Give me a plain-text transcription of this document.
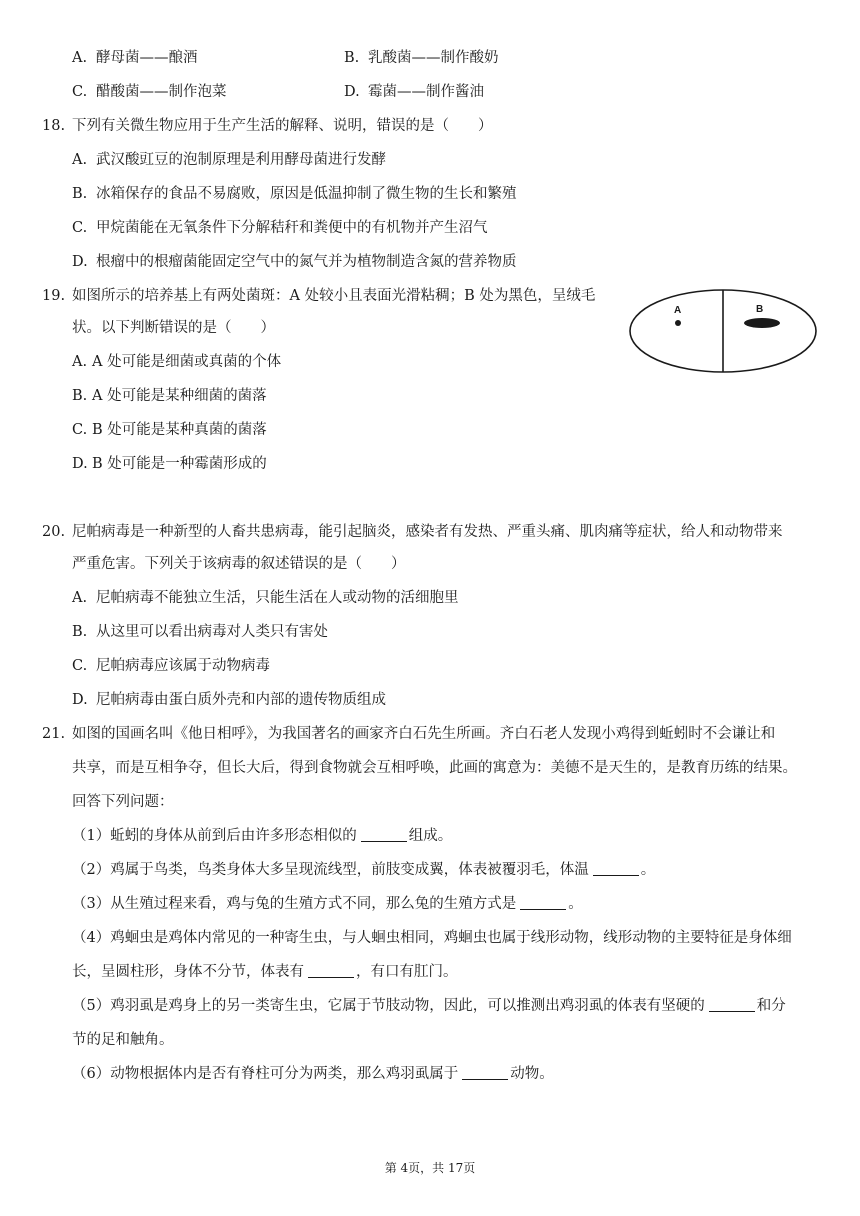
A. 酵母菌——酿酒	B. 乳酸菌——制作酸奶
C. 醋酸菌——制作泡菜	D. 霉菌——制作酱油
18. 下列有关微生物应用于生产生活的解释、说明，错误的是（　　）
A. 武汉酸豇豆的泡制原理是利用酵母菌进行发酵
B. 冰箱保存的食品不易腐败，原因是低温抑制了微生物的生长和繁殖
C. 甲烷菌能在无氧条件下分解秸秆和粪便中的有机物并产生沼气
D. 根瘤中的根瘤菌能固定空气中的氮气并为植物制造含氮的营养物质
19. 如图所示的培养基上有两处菌斑：A 处较小且表面光滑粘稠；B 处为黑色，呈绒毛
状。以下判断错误的是（　　）
A. A 处可能是细菌或真菌的个体
B. A 处可能是某种细菌的菌落
C. B 处可能是某种真菌的菌落
D. B 处可能是一种霉菌形成的
A	B
20. 尼帕病毒是一种新型的人畜共患病毒，能引起脑炎，感染者有发热、严重头痛、肌肉痛等症状，给人和动物带来
严重危害。下列关于该病毒的叙述错误的是（　　）
A. 尼帕病毒不能独立生活，只能生活在人或动物的活细胞里
B. 从这里可以看出病毒对人类只有害处
C. 尼帕病毒应该属于动物病毒
D. 尼帕病毒由蛋白质外壳和内部的遗传物质组成
21. 如图的国画名叫《他日相呼》，为我国著名的画家齐白石先生所画。齐白石老人发现小鸡得到蚯蚓时不会谦让和
共享，而是互相争夺，但长大后，得到食物就会互相呼唤，此画的寓意为：美德不是天生的，是教育历练的结果。
回答下列问题：
（1）蚯蚓的身体从前到后由许多形态相似的	组成。
（2）鸡属于鸟类，鸟类身体大多呈现流线型，前肢变成翼，体表被覆羽毛，体温	。
（3）从生殖过程来看，鸡与兔的生殖方式不同，那么兔的生殖方式是	。
（4）鸡蛔虫是鸡体内常见的一种寄生虫，与人蛔虫相同，鸡蛔虫也属于线形动物，线形动物的主要特征是身体细
长，呈圆柱形，身体不分节，体表有	，有口有肛门。
（5）鸡羽虱是鸡身上的另一类寄生虫，它属于节肢动物，因此，可以推测出鸡羽虱的体表有坚硬的	和分
节的足和触角。
（6）动物根据体内是否有脊柱可分为两类，那么鸡羽虱属于	动物。
第 4页，共 17页
